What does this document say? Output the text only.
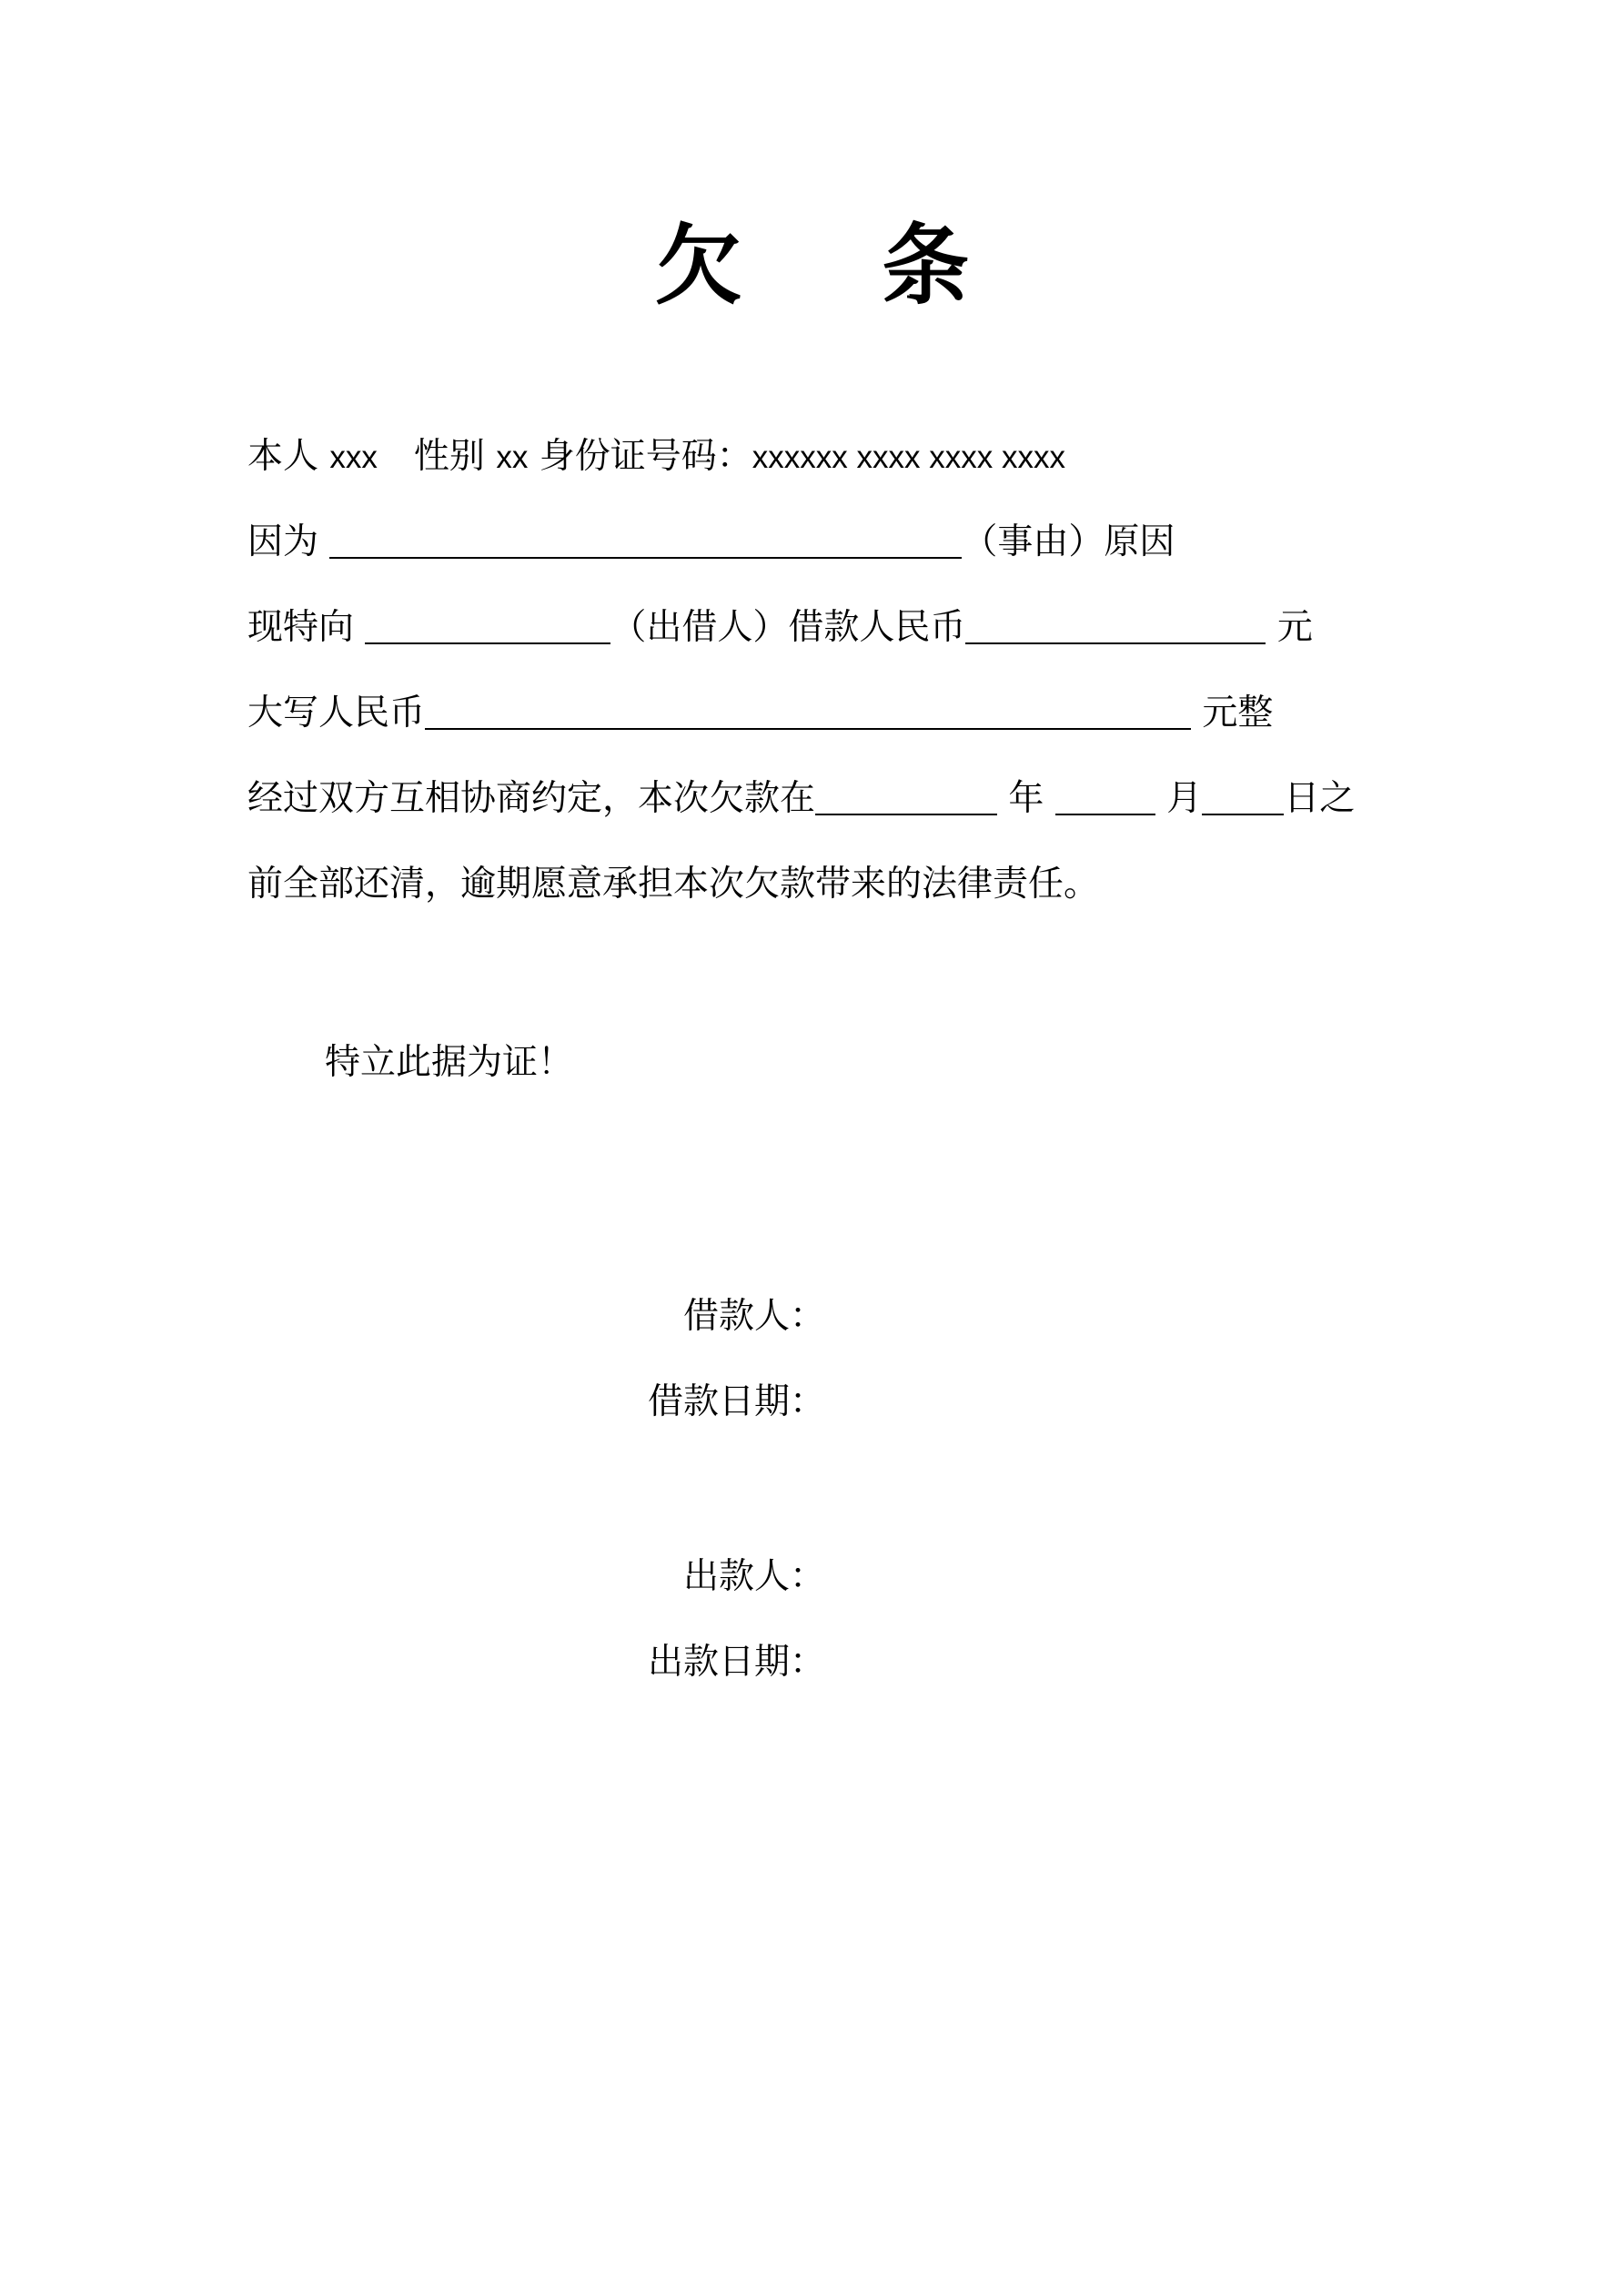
欠 条
本人 xxx 性别 xx 身份证号码：xxxxxx xxxx xxxx xxxx
因为	（事由）原因
现特向	（出借人）借款人民币	元
大写人民币	元整
经过双方互相协商约定，本次欠款在	年	月 日之
前全部还清，逾期愿意承担本次欠款带来的法律责任。
特立此据为证！
借款人：
借款日期：
出款人：
出款日期：
